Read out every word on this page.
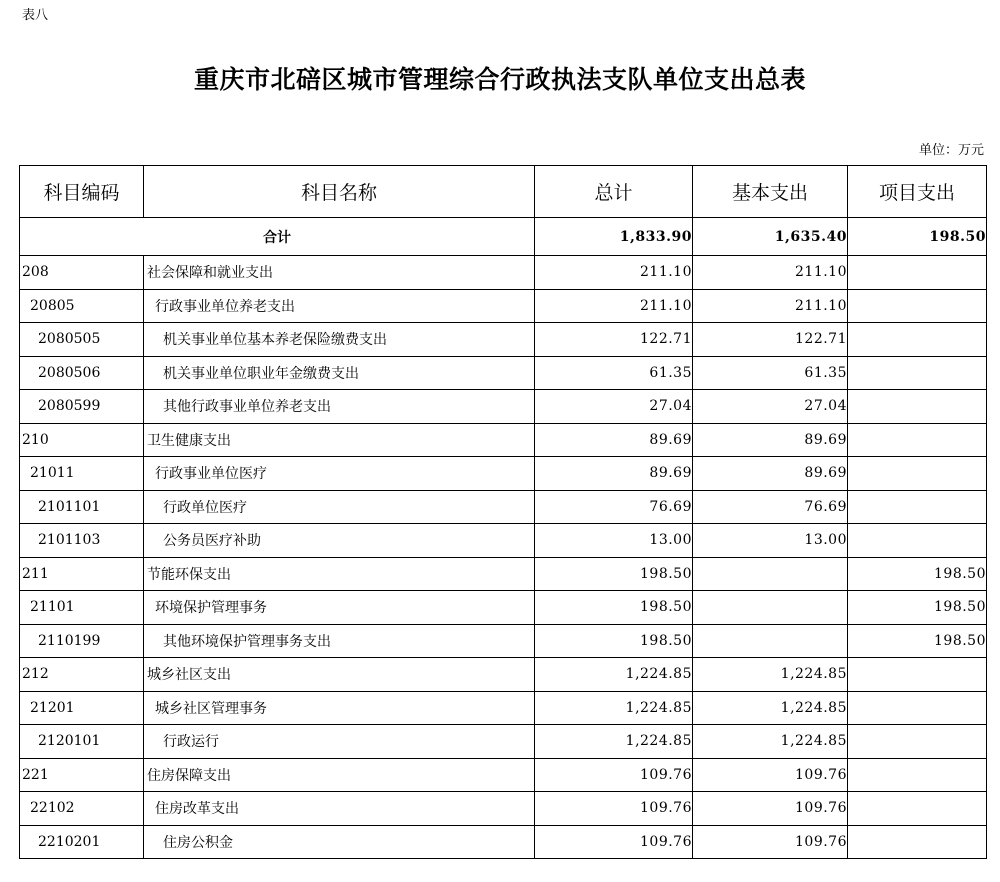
表八
重庆市北碚区城市管理综合行政执法支队单位支出总表
单位：万元
科目编码	科目名称	总计	基本支出	项目支出
合计		1,833.90	1,635.40	198.50
208	社会保障和就业支出	211.10	211.10	
20805	行政事业单位养老支出	211.10	211.10	
2080505	机关事业单位基本养老保险缴费支出	122.71	122.71	
2080506	机关事业单位职业年金缴费支出	61.35	61.35	
2080599	其他行政事业单位养老支出	27.04	27.04	
210	卫生健康支出	89.69	89.69	
21011	行政事业单位医疗	89.69	89.69	
2101101	行政单位医疗	76.69	76.69	
2101103	公务员医疗补助	13.00	13.00	
211	节能环保支出	198.50		198.50
21101	环境保护管理事务	198.50		198.50
2110199	其他环境保护管理事务支出	198.50		198.50
212	城乡社区支出	1,224.85	1,224.85	
21201	城乡社区管理事务	1,224.85	1,224.85	
2120101	行政运行	1,224.85	1,224.85	
221	住房保障支出	109.76	109.76	
22102	住房改革支出	109.76	109.76	
2210201	住房公积金	109.76	109.76	
